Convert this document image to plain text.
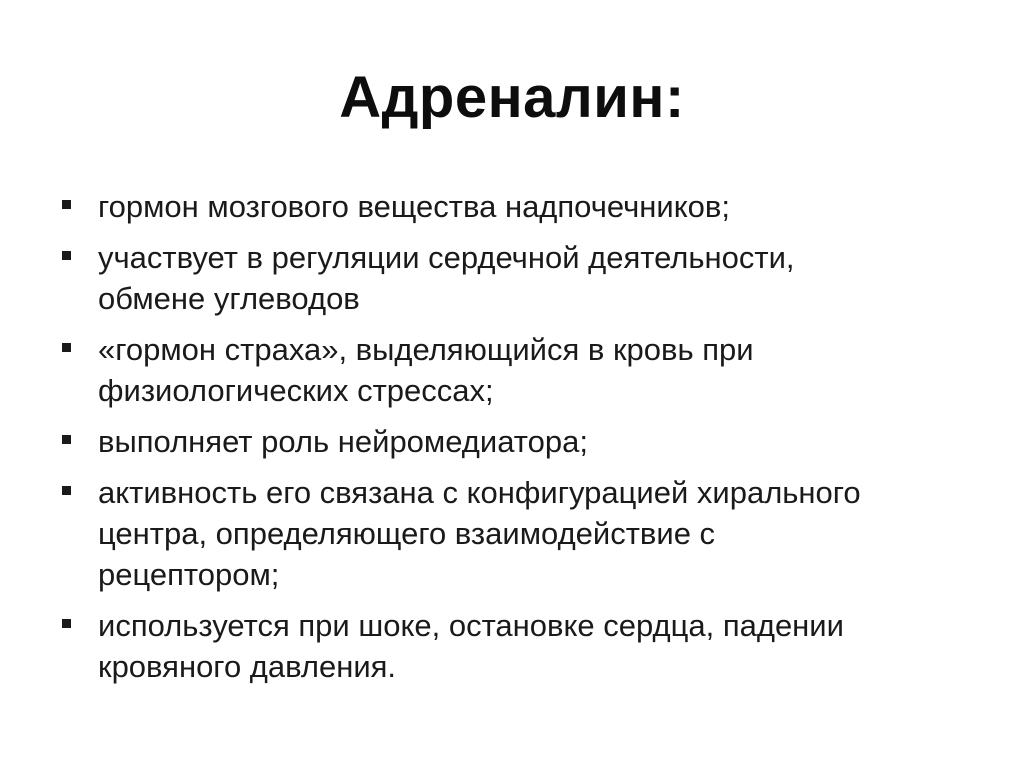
Адреналин:
гормон мозгового вещества надпочечников;
участвует в регуляции сердечной деятельности,
обмене углеводов
«гормон страха», выделяющийся в кровь при
физиологических стрессах;
выполняет роль нейромедиатора;
активность его связана с конфигурацией хирального
центра, определяющего взаимодействие с
рецептором;
используется при шоке, остановке сердца, падении
кровяного давления.
